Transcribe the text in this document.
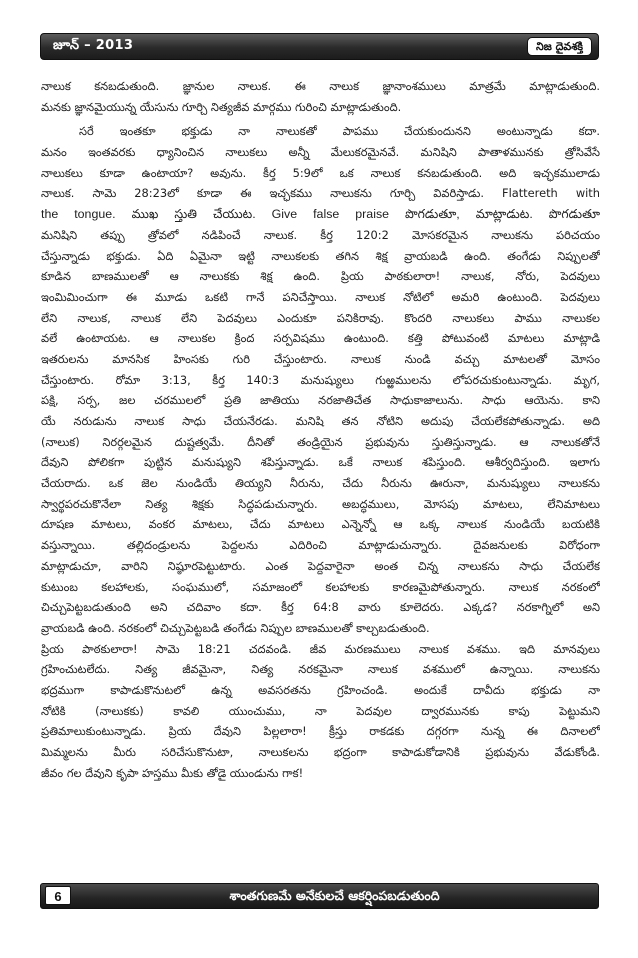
జూన్ – 2013	నిజ దైవశక్తి
నాలుక కనబడుతుంది. జ్ఞానుల నాలుక. ఈ నాలుక జ్ఞానాంశములు మాత్రమే మాట్లాడుతుంది.
మనకు జ్ఞానమైయున్న యేసును గూర్చి నిత్యజీవ మార్గము గురించి మాట్లాడుతుంది.
సరే ఇంతకూ భక్తుడు నా నాలుకతో పాపము చేయకుందునని అంటున్నాడు కదా.
మనం ఇంతవరకు ధ్యానించిన నాలుకలు అన్నీ మేలుకరమైనవే. మనిషిని పాతాళమునకు త్రోసివేసే
నాలుకలు కూడా ఉంటాయా? అవును. కీర్త 5:9లో ఒక నాలుక కనబడుతుంది. అది ఇచ్ఛకములాడు
నాలుక. సామె 28:23లో కూడా ఈ ఇచ్ఛకము నాలుకను గూర్చి వివరిస్తాడు. Flattereth with
the tongue. ముఖ స్తుతి చేయుట. Give false praise పొగడుతూ, మాట్లాడుట. పొగడుతూ
మనిషిని తప్పు త్రోవలో నడిపించే నాలుక. కీర్త 120:2 మోసకరమైన నాలుకను పరిచయం
చేస్తున్నాడు భక్తుడు. ఏది ఏమైనా ఇట్టి నాలుకలకు తగిన శిక్ష వ్రాయబడి ఉంది. తంగేడు నిప్పులతో
కూడిన బాణములతో ఆ నాలుకకు శిక్ష ఉంది. ప్రియ పాఠకులారా! నాలుక, నోరు, పెదవులు
ఇంమిమించుగా ఈ మూడు ఒకటి గానే పనిచేస్తాయి. నాలుక నోటిలో అమరి ఉంటుంది. పెదవులు
లేని నాలుక, నాలుక లేని పెదవులు ఎందుకూ పనికిరావు. కొందరి నాలుకలు పాము నాలుకల
వలే ఉంటాయట. ఆ నాలుకల క్రింద సర్పవిషము ఉంటుంది. కత్తి పోటువంటి మాటలు మాట్లాడి
ఇతరులను మానసిక హింసకు గురి చేస్తుంటారు. నాలుక నుండి వచ్చు మాటలతో మోసం
చేస్తుంటారు. రోమా 3:13, కీర్త 140:3 మనుష్యులు గుఱ్ఱములను లోపరచుకుంటున్నాడు. మృగ,
పక్షి, సర్ప, జల చరములలో ప్రతి జాతియు నరజాతిచేత సాధుకాజాలును. సాధు ఆయెను. కాని
యే నరుడును నాలుక సాధు చేయనేరడు. మనిషి తన నోటిని అదుపు చేయలేకపోతున్నాడు. అది
(నాలుక) నిరర్గలమైన దుష్టత్వమే. దీనితో తండ్రియైన ప్రభువును స్తుతిస్తున్నాడు. ఆ నాలుకతోనే
దేవుని పోలికగా పుట్టిన మనుష్యుని శపిస్తున్నాడు. ఒకే నాలుక శపిస్తుంది. ఆశీర్వదిస్తుంది. ఇలాగు
చేయరాదు. ఒక జెల నుండియే తియ్యని నీరును, చేదు నీరును ఊరునా, మనుష్యులు నాలుకను
స్వార్థపరచుకొనేలా నిత్య శిక్షకు సిద్ధపడుచున్నారు. అబద్ధములు, మోసపు మాటలు, లేనిమాటలు
దూషణ మాటలు, వంకర మాటలు, చేదు మాటలు ఎన్నెన్నో ఆ ఒక్క నాలుక నుండియే బయటికి
వస్తున్నాయి. తల్లిదండ్రులను పెద్దలను ఎదిరించి మాట్లాడుచున్నారు. దైవజనులకు విరోధంగా
మాట్లాడుచూ, వారిని నిష్ఠూరపెట్టుటారు. ఎంత పెద్దవారైనా అంత చిన్న నాలుకను సాధు చేయలేక
కుటుంబ కలహాలకు, సంఘములో, సమాజంలో కలహాలకు కారణమైపోతున్నారు. నాలుక నరకంలో
చిచ్చుపెట్టబడుతుంది అని చదివాం కదా. కీర్త 64:8 వారు కూలెదరు. ఎక్కడ? నరకాగ్నిలో అని
వ్రాయబడి ఉంది. నరకంలో చిచ్చుపెట్టబడి తంగేడు నిప్పుల బాణములతో కాల్చబడుతుంది.
ప్రియ పాఠకులారా! సామె 18:21 చదవండి. జీవ మరణములు నాలుక వశము. ఇది మానవులు
గ్రహించుటలేదు. నిత్య జీవమైనా, నిత్య నరకమైనా నాలుక వశములో ఉన్నాయి. నాలుకను
భద్రముగా కాపాడుకొనుటలో ఉన్న అవసరతను గ్రహించండి. అందుకే దావీదు భక్తుడు నా
నోటికి (నాలుకకు) కావలి యుంచుము, నా పెదవుల ద్వారమునకు కాపు పెట్టుమని
ప్రతిమాలుకుంటున్నాడు. ప్రియ దేవుని పిల్లలారా! క్రీస్తు రాకడకు దగ్గరగా నున్న ఈ దినాలలో
మిమ్మలను మీరు సరిచేసుకొనుటా, నాలుకలను భద్రంగా కాపాడుకోడానికి ప్రభువును వేడుకోండి.
జీవం గల దేవుని కృపా హస్తము మీకు తోడై యుండును గాక!
6	శాంతగుణమే అనేకులచే ఆకర్షింపబడుతుంది
